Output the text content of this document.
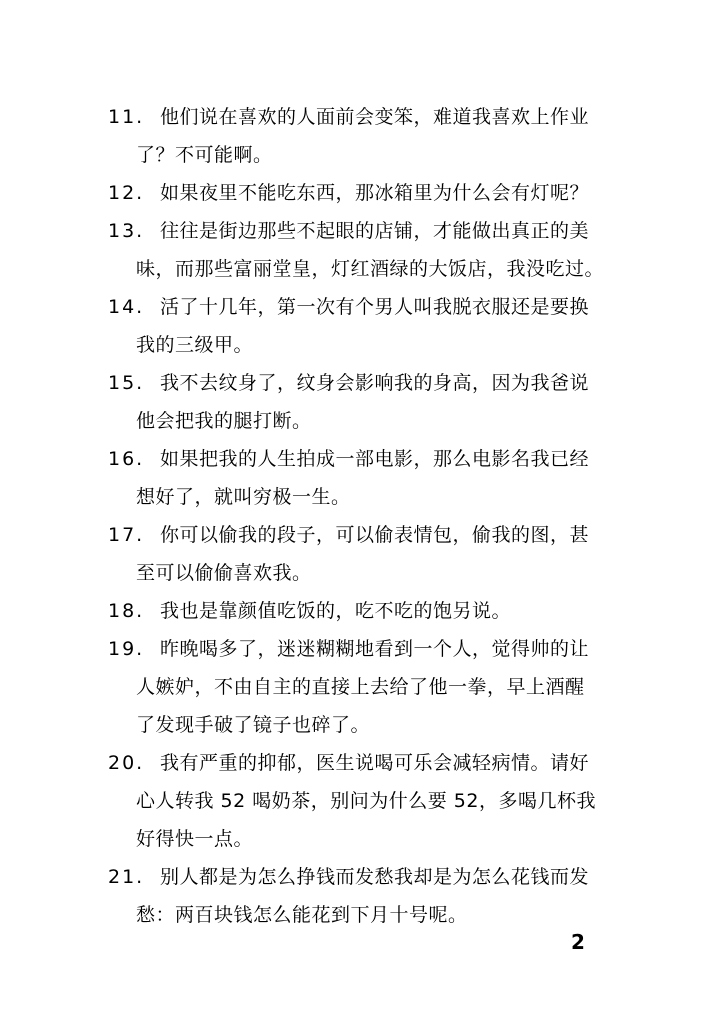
11. 他们说在喜欢的人面前会变笨，难道我喜欢上作业
了？不可能啊。
12. 如果夜里不能吃东西，那冰箱里为什么会有灯呢？
13. 往往是街边那些不起眼的店铺，才能做出真正的美
味，而那些富丽堂皇，灯红酒绿的大饭店，我没吃过。
14. 活了十几年，第一次有个男人叫我脱衣服还是要换
我的三级甲。
15. 我不去纹身了，纹身会影响我的身高，因为我爸说
他会把我的腿打断。
16. 如果把我的人生拍成一部电影，那么电影名我已经
想好了，就叫穷极一生。
17. 你可以偷我的段子，可以偷表情包，偷我的图，甚
至可以偷偷喜欢我。
18. 我也是靠颜值吃饭的，吃不吃的饱另说。
19. 昨晚喝多了，迷迷糊糊地看到一个人，觉得帅的让
人嫉妒，不由自主的直接上去给了他一拳，早上酒醒
了发现手破了镜子也碎了。
20. 我有严重的抑郁，医生说喝可乐会减轻病情。请好
心人转我 52 喝奶茶，别问为什么要 52，多喝几杯我
好得快一点。
21. 别人都是为怎么挣钱而发愁我却是为怎么花钱而发
愁：两百块钱怎么能花到下月十号呢。
2
